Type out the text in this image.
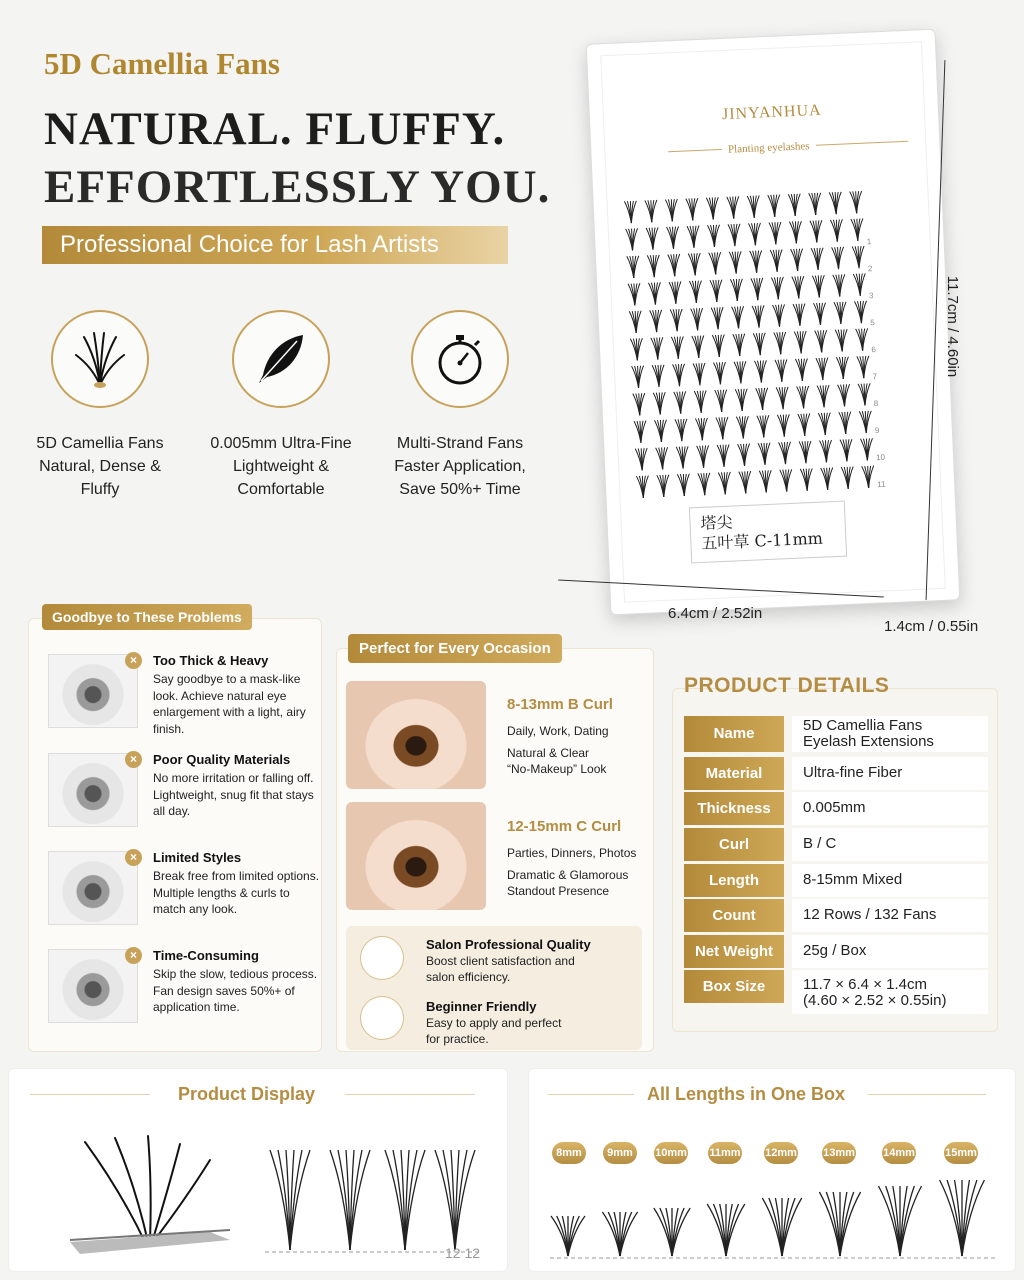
5D Camellia Fans
NATURAL. FLUFFY.
EFFORTLESSLY YOU.
Professional Choice for Lash Artists
5D Camellia Fans
Natural, Dense &
Fluffy
0.005mm Ultra-Fine
Lightweight &
Comfortable
Multi-Strand Fans
Faster Application,
Save 50%+ Time
JINYANHUA
Planting eyelashes
1
2
3
5
6
7
8
9
10
11
塔尖
五叶草 C-11mm
11.7cm / 4.60in
6.4cm / 2.52in
1.4cm / 0.55in
Goodbye to These Problems
×	Too Thick & Heavy
Say goodbye to a mask-like look. Achieve natural eye enlargement with a light, airy finish.
×	Poor Quality Materials
No more irritation or falling off. Lightweight, snug fit that stays all day.
×	Limited Styles
Break free from limited options. Multiple lengths & curls to match any look.
×	Time-Consuming
Skip the slow, tedious process. Fan design saves 50%+ of application time.
Perfect for Every Occasion
8-13mm B Curl
Daily, Work, Dating
Natural & Clear
“No-Makeup” Look
12-15mm C Curl
Parties, Dinners, Photos
Dramatic & Glamorous
Standout Presence
Salon Professional Quality
Boost client satisfaction and
salon efficiency.
Beginner Friendly
Easy to apply and perfect
for practice.
PRODUCT DETAILS
Name	5D Camellia Fans
Eyelash Extensions
Material	Ultra-fine Fiber
Thickness	0.005mm
Curl	B / C
Length	8-15mm Mixed
Count	12 Rows / 132 Fans
Net Weight	25g / Box
Box Size	11.7 × 6.4 × 1.4cm
(4.60 × 2.52 × 0.55in)
Product Display
12 12
All Lengths in One Box
8mm	9mm	10mm 11mm 12mm 13mm	14mm	15mm
